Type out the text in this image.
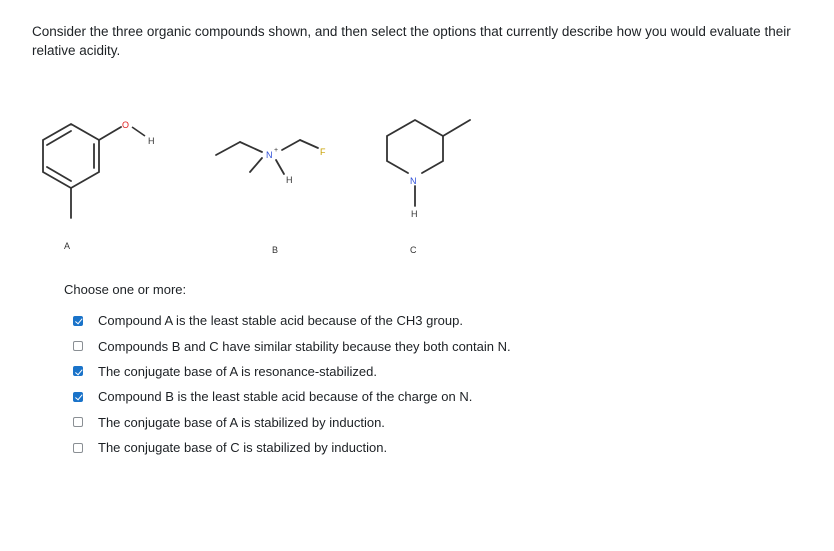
Consider the three organic compounds shown, and then select the options that currently describe how you would evaluate their relative acidity.
O
H
N +	F
H	N
H
A	B	C
Choose one or more:
Compound A is the least stable acid because of the CH3 group.
Compounds B and C have similar stability because they both contain N.
The conjugate base of A is resonance-stabilized.
Compound B is the least stable acid because of the charge on N.
The conjugate base of A is stabilized by induction.
The conjugate base of C is stabilized by induction.
